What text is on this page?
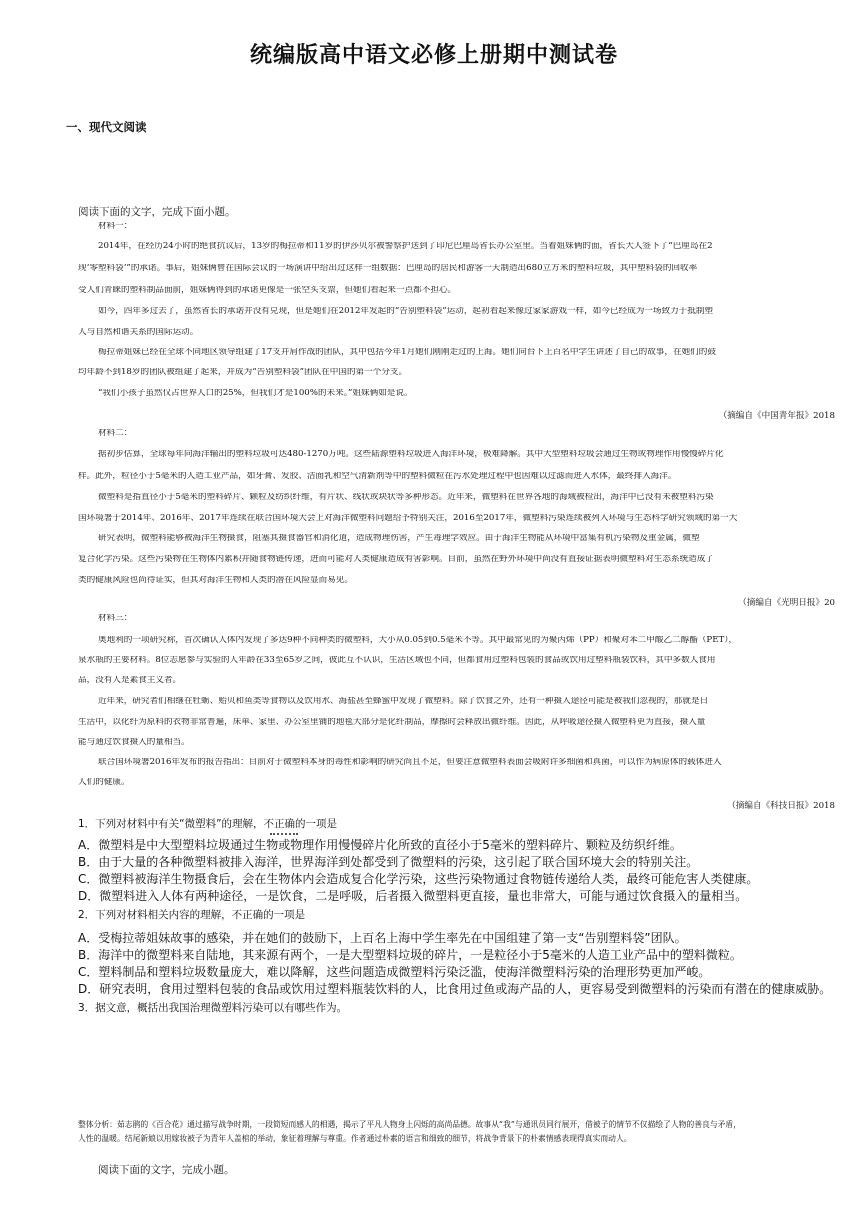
统编版高中语文必修上册期中测试卷
一、现代文阅读
阅读下面的文字，完成下面小题。
材料一：
2014年，在经历24小时的绝食抗议后，13岁的梅拉蒂和11岁的伊莎贝尔被警察护送到了印尼巴厘岛省长办公室里。当着姐妹俩的面，省长大人签下了“巴厘岛在2
现‘零塑料袋’”的承诺。事后，姐妹俩曾在国际会议的一场演讲中给出过这样一组数据：巴厘岛的居民和游客一天制造出680立方米的塑料垃圾，其中塑料袋的回收率
受人们青睐的塑料制品面前，姐妹俩得到的承诺更像是一张空头支票，但她们看起来一点都不担心。
如今，四年多过去了，虽然省长的承诺并没有兑现，但是她们在2012年发起的“告别塑料袋”运动，起初看起来像过家家游戏一样，如今已经成为一场致力于抵制塑
人与自然和谐关系的国际运动。
梅拉蒂姐妹已经在全球不同地区领导组建了17支并肩作战的团队，其中包括今年1月她们刚刚走过的上海。她们向台下上百名中学生讲述了自己的故事，在她们的鼓
均年龄不到18岁的团队被组建了起来，并成为“告别塑料袋”团队在中国的第一个分支。
“我们小孩子虽然仅占世界人口的25%，但我们才是100%的未来。”姐妹俩如是说。
（摘编自《中国青年报》2018
材料二：
据初步估算，全球每年向海洋输出的塑料垃圾可达480-1270万吨。这些陆源塑料垃圾进入海洋环境，极难降解。其中大型塑料垃圾会通过生物或物理作用慢慢碎片化
样。此外，粒径小于5毫米的人造工业产品，如牙膏、发胶、洁面乳和空气清新剂等中的塑料微粒在污水处理过程中也因难以过滤而进入水体，最终排入海洋。
微塑料是指直径小于5毫米的塑料碎片、颗粒及纺织纤维，有片状、线状或块状等多种形态。近年来，微塑料在世界各地的海域被检出，海洋中已没有未被塑料污染
国环境署于2014年、2016年、2017年连续在联合国环境大会上对海洋微塑料问题给予特别关注，2016至2017年，微塑料污染连续被列入环境与生态科学研究领域的第一大
研究表明，微塑料能够被海洋生物摄食，阻塞其摄食器官和消化道，造成物理伤害，产生毒理学效应。由于海洋生物能从环境中富集有机污染物及重金属，微塑
复合化学污染。这些污染物在生物体内累积并随食物链传递，进而可能对人类健康造成有害影响。目前，虽然在野外环境中尚没有直接证据表明微塑料对生态系统造成了
类的健康风险也尚待证实，但其对海洋生物和人类的潜在风险显而易见。
（摘编自《光明日报》20
材料三：
奥地利的一项研究称，首次确认人体内发现了多达9种不同种类的微塑料，大小从0.05到0.5毫米不等。其中最常见的为聚丙烯（PP）和聚对苯二甲酸乙二醇酯（PET），
泉水瓶的主要材料。8位志愿参与实验的人年龄在33至65岁之间，彼此互不认识，生活区域也不同，但都食用过塑料包装的食品或饮用过塑料瓶装饮料，其中多数人食用
品，没有人是素食主义者。
近年来，研究者们相继在牡蛎、贻贝和鱼类等食物以及饮用水、海盐甚至蜂蜜中发现了微塑料。除了饮食之外，还有一种摄入途径可能是被我们忽视的，那就是日
生活中，以化纤为原料的衣物非常普遍，床单、家里、办公室里铺的地毯大部分是化纤制品，摩擦时会释放出微纤维。因此，从呼吸途径摄入微塑料更为直接，摄入量
能与通过饮食摄入的量相当。
联合国环境署2016年发布的报告指出：目前对于微塑料本身的毒性和影响的研究尚且不足，但要注意微塑料表面会吸附许多细菌和真菌，可以作为病原体的载体进入
人们的健康。
（摘编自《科技日报》2018
1．下列对材料中有关“微塑料”的理解，不正确的一项是
A．微塑料是中大型塑料垃圾通过生物或物理作用慢慢碎片化所致的直径小于5毫米的塑料碎片、颗粒及纺织纤维。
B．由于大量的各种微塑料被排入海洋，世界海洋到处都受到了微塑料的污染，这引起了联合国环境大会的特别关注。
C．微塑料被海洋生物摄食后，会在生物体内会造成复合化学污染，这些污染物通过食物链传递给人类，最终可能危害人类健康。
D．微塑料进入人体有两种途径，一是饮食，二是呼吸，后者摄入微塑料更直接，量也非常大，可能与通过饮食摄入的量相当。
2．下列对材料相关内容的理解，不正确的一项是
A．受梅拉蒂姐妹故事的感染，并在她们的鼓励下，上百名上海中学生率先在中国组建了第一支“告别塑料袋”团队。
B．海洋中的微塑料来自陆地，其来源有两个，一是大型塑料垃圾的碎片，一是粒径小于5毫米的人造工业产品中的塑料微粒。
C．塑料制品和塑料垃圾数量庞大，难以降解，这些问题造成微塑料污染泛滥，使海洋微塑料污染的治理形势更加严峻。
D．研究表明，食用过塑料包装的食品或饮用过塑料瓶装饮料的人，比食用过鱼或海产品的人，更容易受到微塑料的污染而有潜在的健康威胁。
3．据文意，概括出我国治理微塑料污染可以有哪些作为。
整体分析：茹志鹃的《百合花》通过描写战争时期，一段简短而感人的相遇，揭示了平凡人物身上闪烁的高尚品德。故事从“我”与通讯员同行展开，借被子的情节不仅描绘了人物的善良与矛盾，
人性的温暖。结尾新娘以用嫁妆被子为青年人盖棺的举动，象征着理解与尊重。作者通过朴素的语言和细致的细节，将战争背景下的朴素情感表现得真实而动人。
阅读下面的文字，完成小题。
